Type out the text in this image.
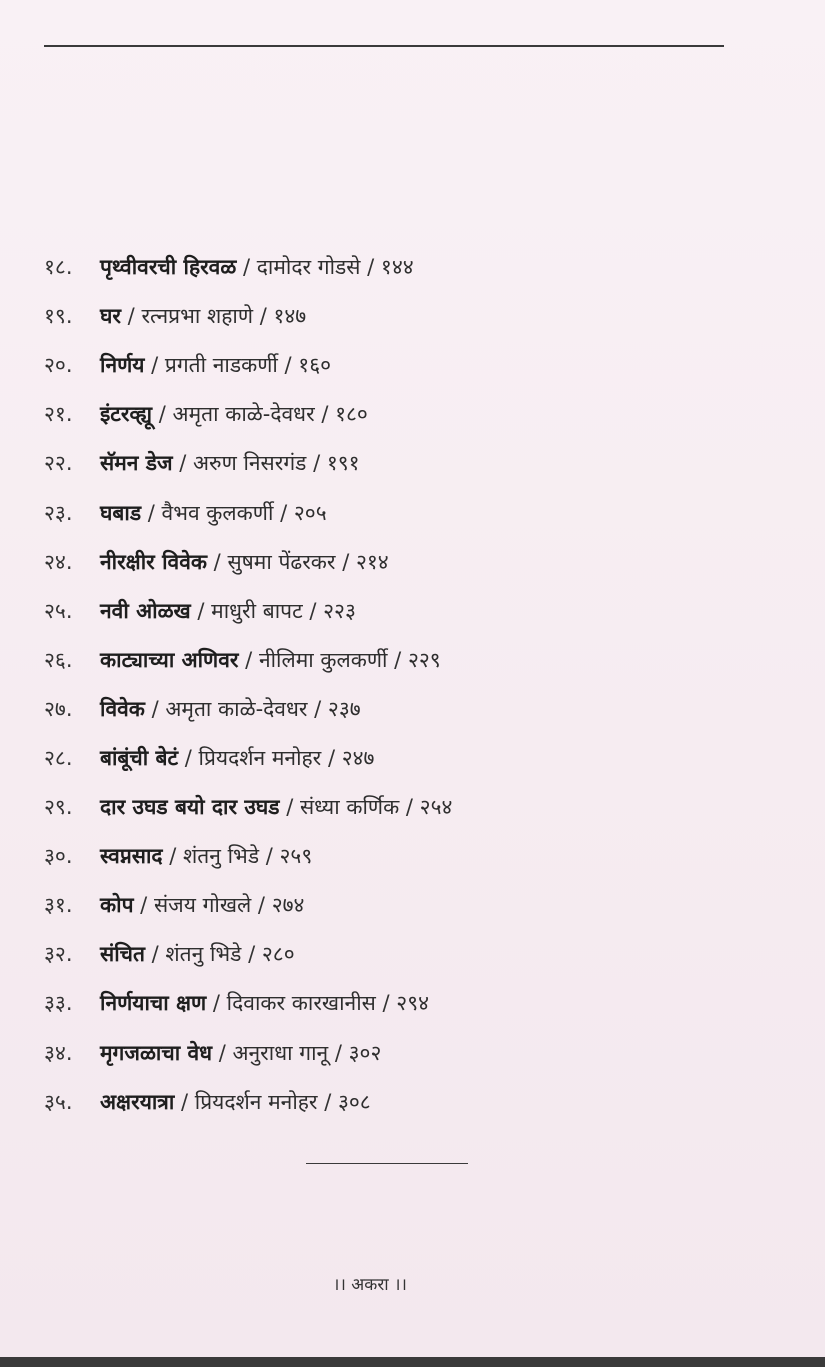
१८.	पृथ्वीवरची हिरवळ / दामोदर गोडसे / १४४
१९.	घर / रत्नप्रभा शहाणे / १४७
२०.	निर्णय / प्रगती नाडकर्णी / १६०
२१.	इंटरव्ह्यू / अमृता काळे-देवधर / १८०
२२.	सॅमन डेज / अरुण निसरगंड / १९१
२३.	घबाड / वैभव कुलकर्णी / २०५
२४.	नीरक्षीर विवेक / सुषमा पेंढरकर / २१४
२५.	नवी ओळख / माधुरी बापट / २२३
२६.	काट्याच्या अणिवर / नीलिमा कुलकर्णी / २२९
२७.	विवेक / अमृता काळे-देवधर / २३७
२८.	बांबूंची बेटं / प्रियदर्शन मनोहर / २४७
२९.	दार उघड बयो दार उघड / संध्या कर्णिक / २५४
३०.	स्वप्नसाद / शंतनु भिडे / २५९
३१.	कोप / संजय गोखले / २७४
३२.	संचित / शंतनु भिडे / २८०
३३.	निर्णयाचा क्षण / दिवाकर कारखानीस / २९४
३४.	मृगजळाचा वेध / अनुराधा गानू / ३०२
३५.	अक्षरयात्रा / प्रियदर्शन मनोहर / ३०८
।। अकरा ।।
